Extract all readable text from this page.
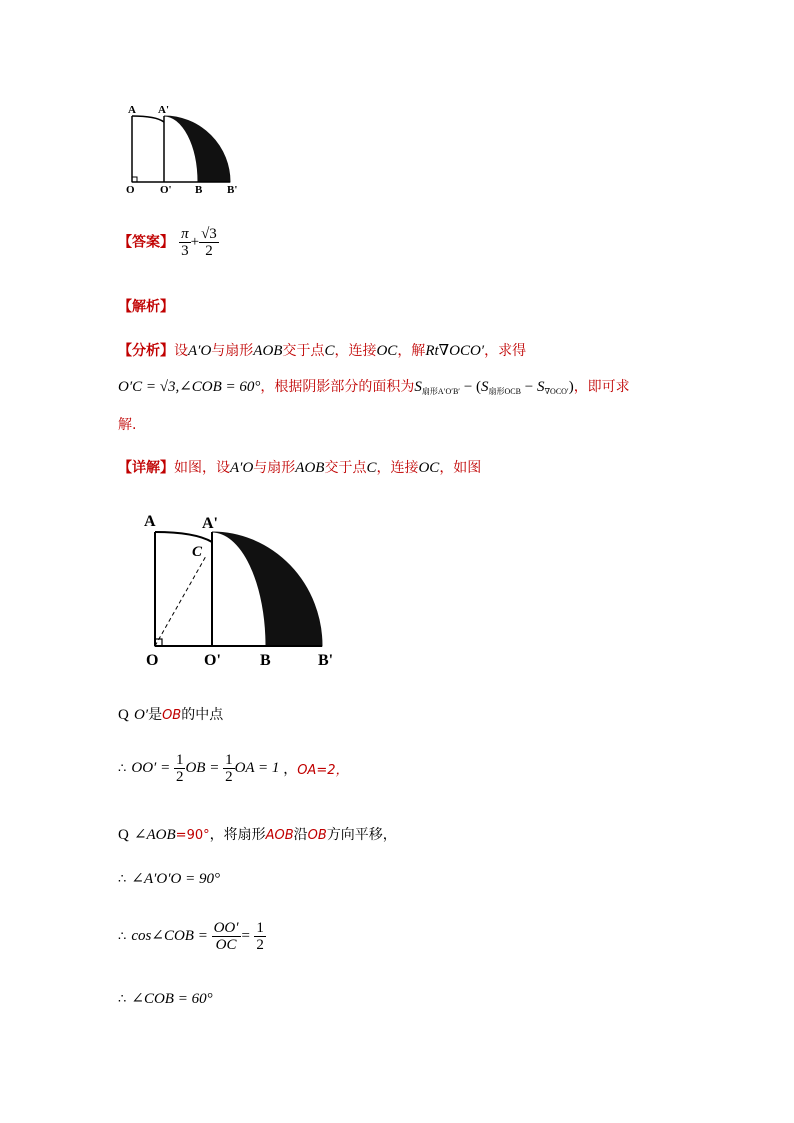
A A'
O O' B B'
【答案】 $\frac{\pi}{3} + \frac{√3}{2}$
【解析】
【分析】设A′O与扇形AOB交于点C，连接OC，解Rt∇OCO′，求得
O′C = √3,∠COB = 60°，根据阴影部分的面积为$S_{扇形A'O'B'} - (S_{扇形OCB} - S_{\nabla OCO'})$，即可求
解.
【详解】如图，设A′O与扇形AOB交于点C，连接OC，如图
A	A'
C
O	O' B	B'
Q O′是OB的中点
∴ $OO' = \frac{1}{2}$ OB = $\frac{1}{2}$ OA = 1 ，OA=2，
Q ∠AOB=90°，将扇形AOB沿OB方向平移，
∴ ∠A′O′O = 90°
∴ cos∠COB = $\frac{OO'}{OC} = \frac{1}{2}$
∴ ∠COB = 60°
